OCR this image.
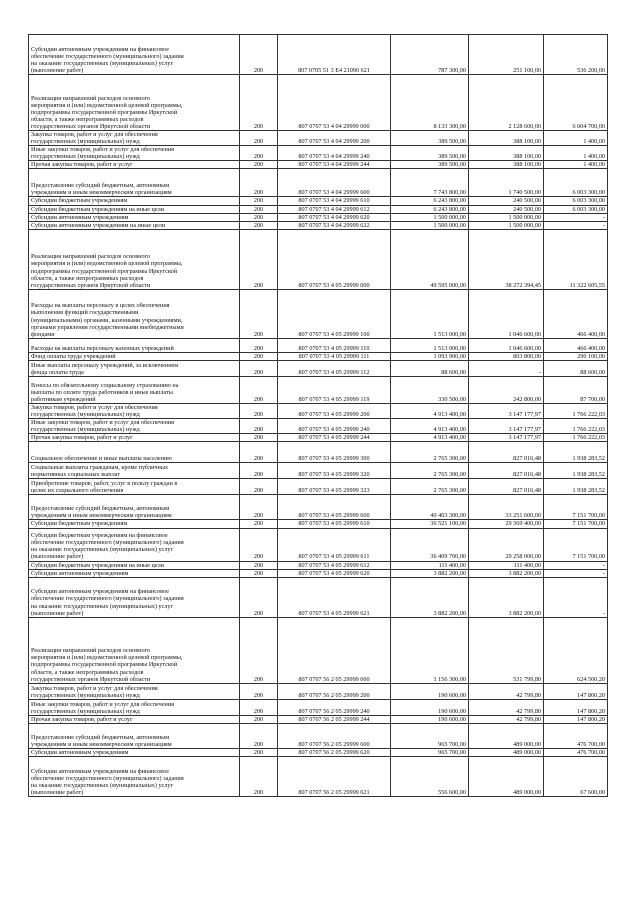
Субсидии автономным учреждениям на финансовое
обеспечение государственного (муниципального) задания
на оказание государственных (муниципальных) услуг
(выполнение работ)	200	807 0705 51 3 E4 21090 621	787 300,00	251 100,00	536 200,00
Реализация направлений расходов основного
мероприятия и (или) ведомственной целевой программы,
подпрограммы государственной программы Иркутской
области, а также непрограммных расходов
государственных органов Иркутской области	200	807 0707 53 4 04 29999 000	8 133 300,00	2 128 600,00	6 004 700,00
Закупка товаров, работ и услуг для обеспечения
государственных (муниципальных) нужд	200	807 0707 53 4 04 29999 200	389 500,00	388 100,00	1 400,00
Иные закупки товаров, работ и услуг для обеспечения
государственных (муниципальных) нужд	200	807 0707 53 4 04 29999 240	389 500,00	388 100,00	1 400,00
Прочая закупка товаров, работ и услуг	200	807 0707 53 4 04 29999 244	389 500,00	388 100,00	1 400,00
Предоставление субсидий бюджетным, автономным
учреждениям и иным некоммерческим организациям	200	807 0707 53 4 04 29999 600	7 743 800,00	1 740 500,00	6 003 300,00
Субсидии бюджетным учреждениям	200	807 0707 53 4 04 29999 610	6 243 800,00	240 500,00	6 003 300,00
Субсидии бюджетным учреждениям на иные цели	200	807 0707 53 4 04 29999 612	6 243 800,00	240 500,00	6 003 300,00
Субсидии автономным учреждениям	200	807 0707 53 4 04 29999 620	1 500 000,00	1 500 000,00	-
Субсидии автономным учреждениям на иные цели	200	807 0707 53 4 04 29999 622	1 500 000,00	1 500 000,00	-
Реализация направлений расходов основного
мероприятия и (или) ведомственной целевой программы,
подпрограммы государственной программы Иркутской
области, а также непрограммных расходов
государственных органов Иркутской области	200	807 0707 53 4 05 29999 000	49 595 000,00	38 272 394,45	11 322 605,55
Расходы на выплаты персоналу в целях обеспечения
выполнения функций государственными
(муниципальными) органами, казенными учреждениями,
органами управления государственными внебюджетными
фондами	200	807 0707 53 4 05 29999 100	1 513 000,00	1 046 600,00	466 400,00
Расходы на выплаты персоналу казенных учреждений	200	807 0707 53 4 05 29999 110	1 513 000,00	1 046 600,00	466 400,00
Фонд оплаты труда учреждений	200	807 0707 53 4 05 29999 111	1 093 900,00	803 800,00	290 100,00
Иные выплаты персоналу учреждений, за исключением
фонда оплаты труда	200	807 0707 53 4 05 29999 112	88 600,00	-	88 600,00
Взносы по обязательному социальному страхованию на
выплаты по оплате труда работников и иные выплаты
работникам учреждений	200	807 0707 53 4 05 29999 119	330 500,00	242 800,00	87 700,00
Закупка товаров, работ и услуг для обеспечения
государственных (муниципальных) нужд	200	807 0707 53 4 05 29999 200	4 913 400,00	3 147 177,97	1 766 222,03
Иные закупки товаров, работ и услуг для обеспечения
государственных (муниципальных) нужд	200	807 0707 53 4 05 29999 240	4 913 400,00	3 147 177,97	1 766 222,03
Прочая закупка товаров, работ и услуг	200	807 0707 53 4 05 29999 244	4 913 400,00	3 147 177,97	1 766 222,03
Социальное обеспечение и иные выплаты населению	200	807 0707 53 4 05 29999 300	2 765 300,00	827 016,48	1 938 283,52
Социальные выплаты гражданам, кроме публичных
нормативных социальных выплат	200	807 0707 53 4 05 29999 320	2 765 300,00	827 016,48	1 938 283,52
Приобретение товаров, работ, услуг в пользу граждан в
целях их социального обеспечения	200	807 0707 53 4 05 29999 323	2 765 300,00	827 016,48	1 938 283,52
Предоставление субсидий бюджетным, автономным
учреждениям и иным некоммерческим организациям	200	807 0707 53 4 05 29999 600	40 403 300,00	33 251 600,00	7 151 700,00
Субсидии бюджетным учреждениям	200	807 0707 53 4 05 29999 610	36 521 100,00	29 369 400,00	7 151 700,00
Субсидии бюджетным учреждениям на финансовое
обеспечение государственного (муниципального) задания
на оказание государственных (муниципальных) услуг
(выполнение работ)	200	807 0707 53 4 05 29999 611	36 409 700,00	29 258 000,00	7 151 700,00
Субсидии бюджетным учреждениям на иные цели	200	807 0707 53 4 05 29999 612	111 400,00	111 400,00	-
Субсидии автономным учреждениям	200	807 0707 53 4 05 29999 620	3 882 200,00	3 882 200,00	-
Субсидии автономным учреждениям на финансовое
обеспечение государственного (муниципального) задания
на оказание государственных (муниципальных) услуг
(выполнение работ)	200	807 0707 53 4 05 29999 621	3 882 200,00	3 882 200,00	-
Реализация направлений расходов основного
мероприятия и (или) ведомственной целевой программы,
подпрограммы государственной программы Иркутской
области, а также непрограммных расходов
государственных органов Иркутской области	200	807 0707 56 2 05 29999 000	1 156 300,00	531 799,80	624 500,20
Закупка товаров, работ и услуг для обеспечения
государственных (муниципальных) нужд	200	807 0707 56 2 05 29999 200	190 600,00	42 799,80	147 800,20
Иные закупки товаров, работ и услуг для обеспечения
государственных (муниципальных) нужд	200	807 0707 56 2 05 29999 240	190 600,00	42 799,80	147 800,20
Прочая закупка товаров, работ и услуг	200	807 0707 56 2 05 29999 244	190 600,00	42 799,80	147 800,20
Предоставление субсидий бюджетным, автономным
учреждениям и иным некоммерческим организациям	200	807 0707 56 2 05 29999 600	965 700,00	489 000,00	476 700,00
Субсидии автономным учреждениям	200	807 0707 56 2 05 29999 620	965 700,00	489 000,00	476 700,00
Субсидии автономным учреждениям на финансовое
обеспечение государственного (муниципального) задания
на оказание государственных (муниципальных) услуг
(выполнение работ)	200	807 0707 56 2 05 29999 621	556 600,00	489 000,00	67 600,00
